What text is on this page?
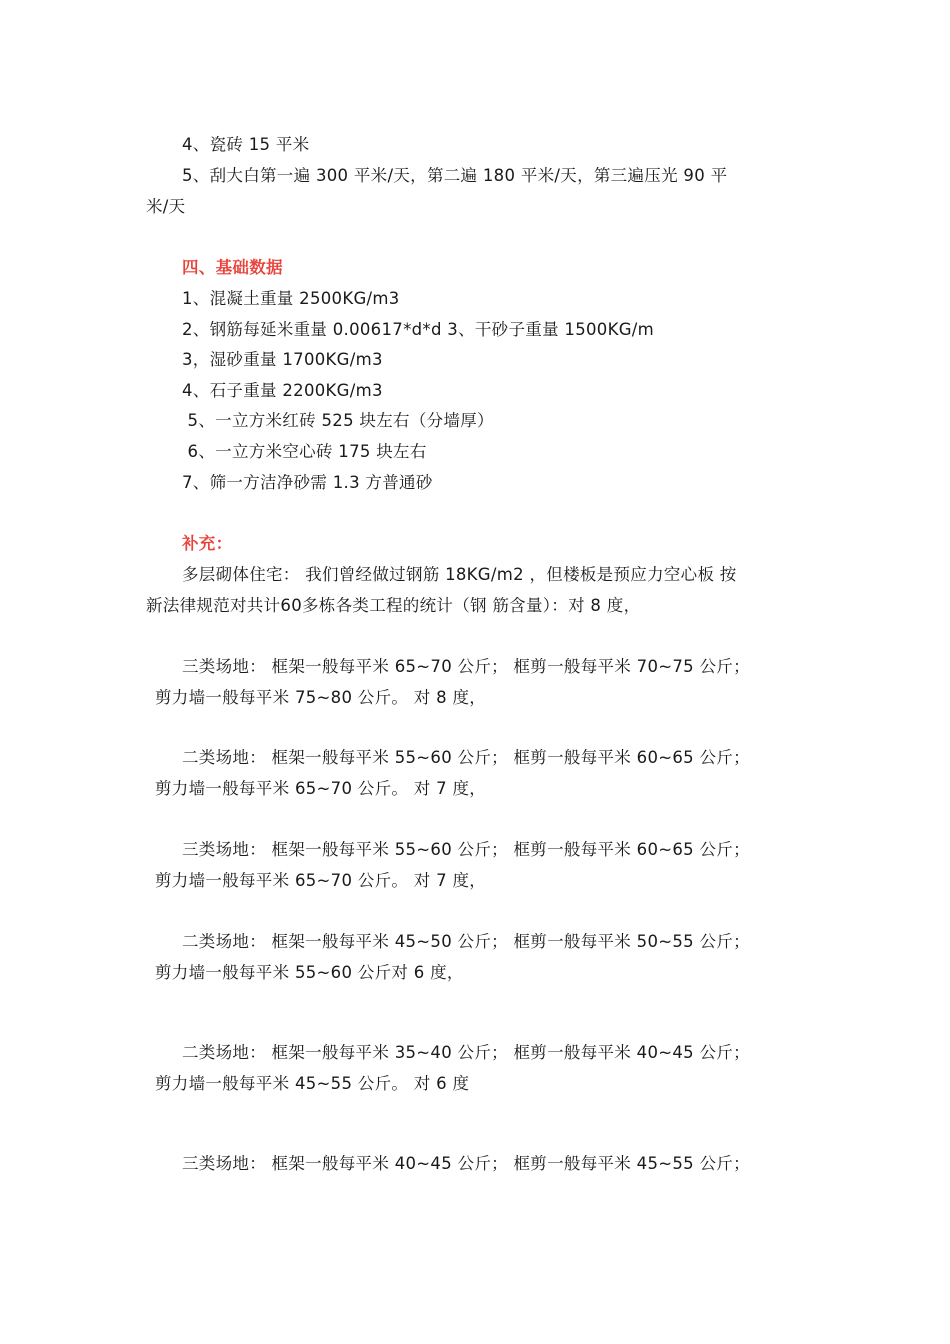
4、瓷砖 15 平米
5、刮大白第一遍 300 平米/天，第二遍 180 平米/天，第三遍压光 90 平
米/天
四、基础数据
1、混凝土重量 2500KG/m3
2、钢筋每延米重量 0.00617*d*d 3、干砂子重量 1500KG/m
3，湿砂重量 1700KG/m3
4、石子重量 2200KG/m3
5、一立方米红砖 525 块左右（分墙厚）
6、一立方米空心砖 175 块左右
7、筛一方洁净砂需 1.3 方普通砂
补充：
多层砌体住宅： 我们曾经做过钢筋 18KG/m2 ，但楼板是预应力空心板 按
新法律规范对共计60多栋各类工程的统计（钢 筋含量）：对 8 度，
三类场地： 框架一般每平米 65~70 公斤； 框剪一般每平米 70~75 公斤；
剪力墙一般每平米 75~80 公斤。 对 8 度，
二类场地： 框架一般每平米 55~60 公斤； 框剪一般每平米 60~65 公斤；
剪力墙一般每平米 65~70 公斤。 对 7 度，
三类场地： 框架一般每平米 55~60 公斤； 框剪一般每平米 60~65 公斤；
剪力墙一般每平米 65~70 公斤。 对 7 度，
二类场地： 框架一般每平米 45~50 公斤； 框剪一般每平米 50~55 公斤；
剪力墙一般每平米 55~60 公斤对 6 度，
二类场地： 框架一般每平米 35~40 公斤； 框剪一般每平米 40~45 公斤；
剪力墙一般每平米 45~55 公斤。 对 6 度
三类场地： 框架一般每平米 40~45 公斤； 框剪一般每平米 45~55 公斤；
